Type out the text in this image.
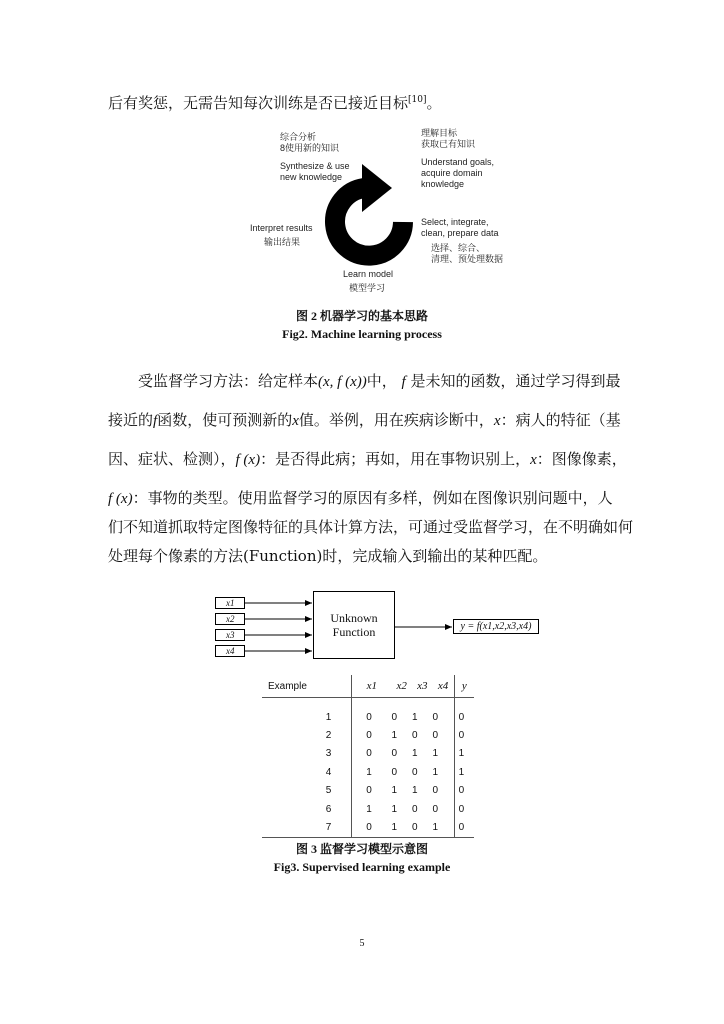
后有奖惩，无需告知每次训练是否已接近目标[10]。
综合分析
8使用新的知识
Synthesize & use
new knowledge
理解目标
获取已有知识
Understand goals,
acquire domain
knowledge
Interpret results
输出结果
Select, integrate,
clean, prepare data
选择、综合、
清理、预处理数据
Learn model
模型学习
图 2 机器学习的基本思路
Fig2. Machine learning process
受监督学习方法：给定样本(x, f (x))中， f 是未知的函数，通过学习得到最
接近的f函数，使可预测新的x值。举例，用在疾病诊断中，x：病人的特征（基
因、症状、检测），f (x)：是否得此病；再如，用在事物识别上，x：图像像素，
f (x)：事物的类型。使用监督学习的原因有多样，例如在图像识别问题中，人
们不知道抓取特定图像特征的具体计算方法，可通过受监督学习，在不明确如何
处理每个像素的方法(Function)时，完成输入到输出的某种匹配。
x1
x2
x3
x4
Unknown
Function	y = f(x1,x2,x3,x4)
Example	x1	x2	x3	x4	y

1	0	0	1	0	0
2	0	1	0	0	0
3	0	0	1	1	1
4	1	0	0	1	1
5	0	1	1	0	0
6	1	1	0	0	0
7	0	1	0	1	0
图 3 监督学习模型示意图
Fig3. Supervised learning example
5
